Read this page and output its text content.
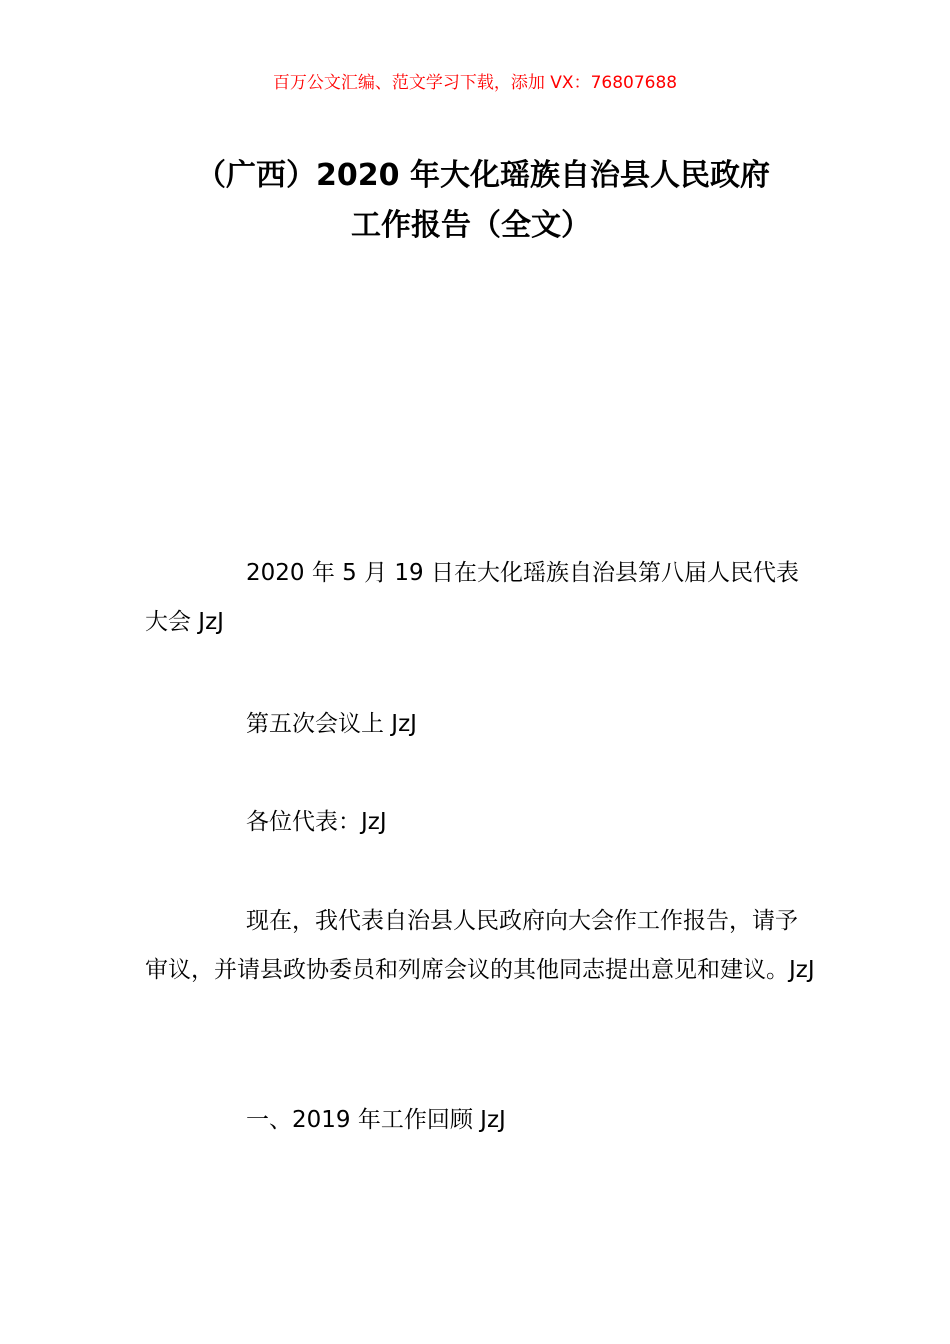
百万公文汇编、范文学习下载，添加 VX：76807688
（广西）2020 年大化瑶族自治县人民政府
工作报告（全文）

2020 年 5 月 19 日在大化瑶族自治县第八届人民代表大会 JzJ

第五次会议上 JzJ

各位代表：JzJ

现在，我代表自治县人民政府向大会作工作报告，请予审议，并请县政协委员和列席会议的其他同志提出意见和建议。JzJ

一、2019 年工作回顾 JzJ
